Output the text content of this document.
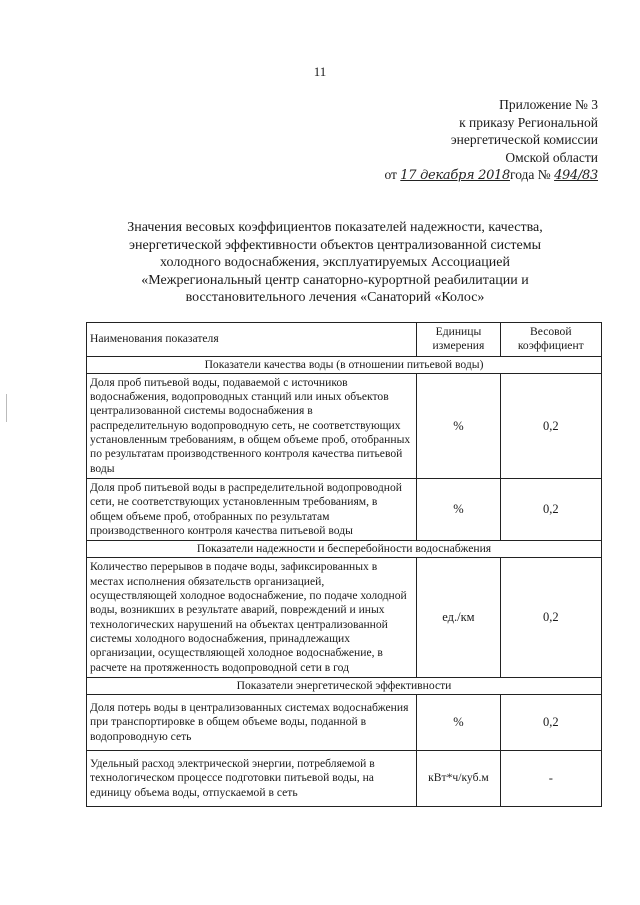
11
Приложение № 3
к приказу Региональной
энергетической комиссии
Омской области
от 17 декабря 2018года № 494/83
Значения весовых коэффициентов показателей надежности, качества,
энергетической эффективности объектов централизованной системы
холодного водоснабжения, эксплуатируемых Ассоциацией
«Межрегиональный центр санаторно-курортной реабилитации и
восстановительного лечения «Санаторий «Колос»
Наименования показателя	Единицы измерения	Весовой коэффициент
Показатели качества воды (в отношении питьевой воды)		
Доля проб питьевой воды, подаваемой с источников водоснабжения, водопроводных станций или иных объектов централизованной системы водоснабжения в распределительную водопроводную сеть, не соответствующих установленным требованиям, в общем объеме проб, отобранных по результатам производственного контроля качества питьевой воды	%	0,2
Доля проб питьевой воды в распределительной водопроводной сети, не соответствующих установленным требованиям, в общем объеме проб, отобранных по результатам производственного контроля качества питьевой воды	%	0,2
Показатели надежности и бесперебойности водоснабжения		
Количество перерывов в подаче воды, зафиксированных в местах исполнения обязательств организацией, осуществляющей холодное водоснабжение, по подаче холодной воды, возникших в результате аварий, повреждений и иных технологических нарушений на объектах централизованной системы холодного водоснабжения, принадлежащих организации, осуществляющей холодное водоснабжение, в расчете на протяженность водопроводной сети в год	ед./км	0,2
Показатели энергетической эффективности		
Доля потерь воды в централизованных системах водоснабжения при транспортировке в общем объеме воды, поданной в водопроводную сеть	%	0,2
Удельный расход электрической энергии, потребляемой в технологическом процессе подготовки питьевой воды, на единицу объема воды, отпускаемой в сеть	кВт*ч/куб.м	-
